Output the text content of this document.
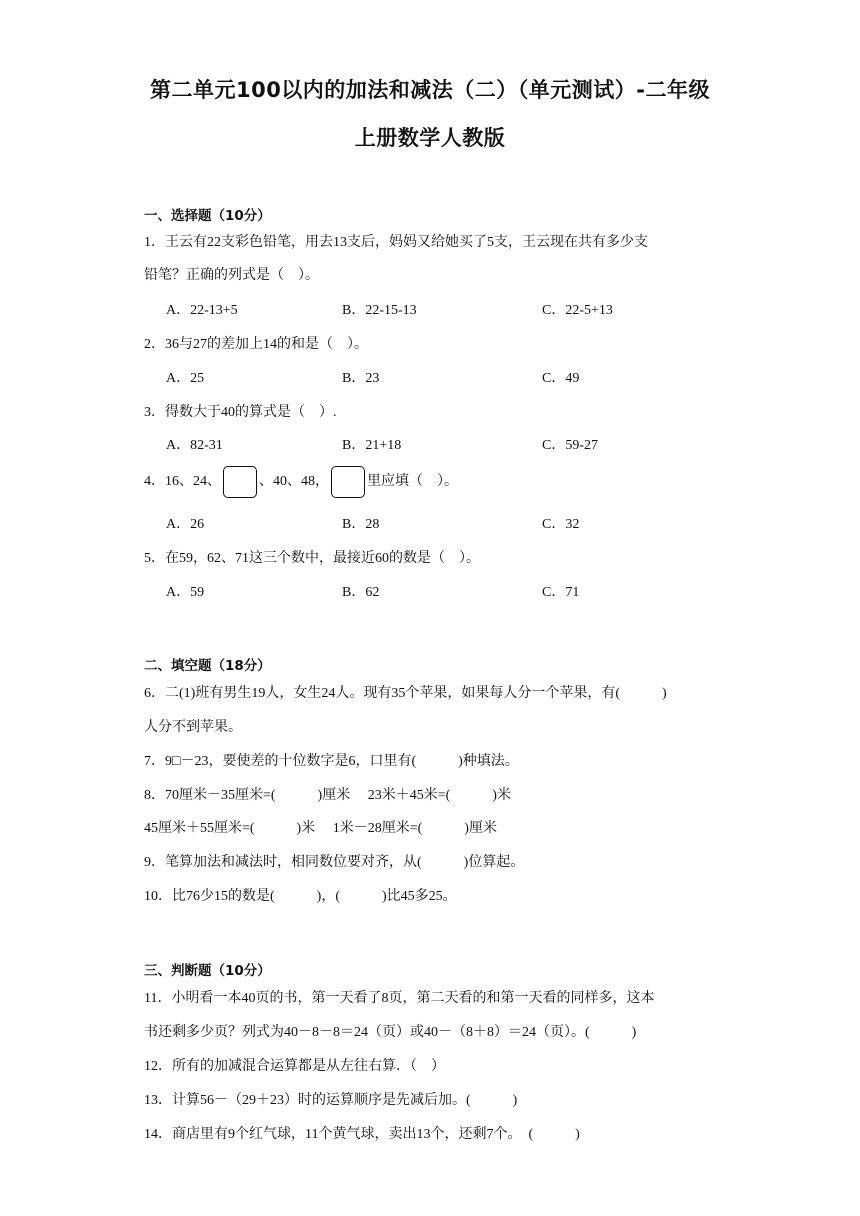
第二单元100以内的加法和减法（二）（单元测试）-二年级
上册数学人教版
一、选择题（10分）
1．王云有22支彩色铅笔，用去13支后，妈妈又给她买了5支，王云现在共有多少支
铅笔？正确的列式是（　）。
A．22-13+5	B．22-15-13	C．22-5+13
2．36与27的差加上14的和是（　）。
A．25	B．23	C．49
3．得数大于40的算式是（　）.
A．82-31	B．21+18	C．59-27
4．16、24、	、40、48，	里应填（　）。
A．26	B．28	C．32
5．在59，62、71这三个数中，最接近60的数是（　）。
A．59	B．62	C．71
二、填空题（18分）
6．二(1)班有男生19人，女生24人。现有35个苹果，如果每人分一个苹果，有(　　　)
人分不到苹果。
7．9□－23，要使差的十位数字是6，口里有(　　　)种填法。
8．70厘米－35厘米=(　　　)厘米　 23米＋45米=(　　　)米
45厘米＋55厘米=(　　　)米　 1米－28厘米=(　　　)厘米
9．笔算加法和减法时，相同数位要对齐，从(　　　)位算起。
10．比76少15的数是(　　　)，(　　　)比45多25。
三、判断题（10分）
11．小明看一本40页的书，第一天看了8页，第二天看的和第一天看的同样多，这本
书还剩多少页？列式为40－8－8＝24（页）或40－（8＋8）＝24（页）。(　　　)
12．所有的加减混合运算都是从左往右算．（　）
13．计算56－（29＋23）时的运算顺序是先减后加。(　　　)
14．商店里有9个红气球，11个黄气球，卖出13个，还剩7个。　(　　　)
